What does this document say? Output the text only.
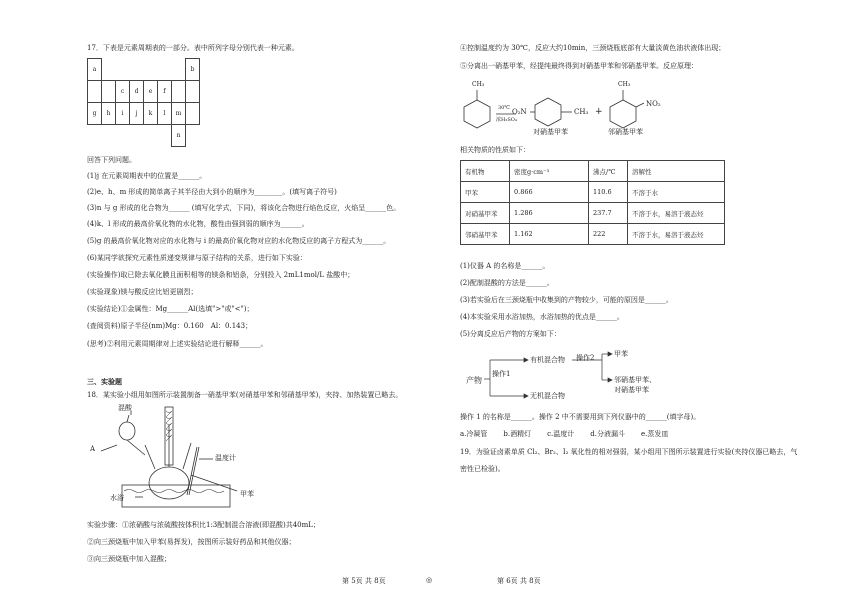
17．下表是元素周期表的一部分。表中所列字母分别代表一种元素。
a							b
		c	d	e	f		
g	h	i	j	k	l	m	
						n	
回答下列问题。
(1)j 在元素周期表中的位置是______。
(2)e、h、m 形成的简单离子其半径由大到小的顺序为________。(填写离子符号)
(3)n 与 g 形成的化合物为______ (填写化学式，下同)，将该化合物进行焰色反应，火焰呈______色。
(4)k、l 形成的最高价氧化物的水化物，酸性由强到弱的顺序为______。
(5)g 的最高价氧化物对应的水化物与 i 的最高价氧化物对应的水化物反应的离子方程式为______。
(6)某同学欲探究元素性质递变规律与原子结构的关系，进行如下实验：
(实验操作)取已除去氧化膜且面积相等的镁条和铝条，分别投入 2mL1mol/L 盐酸中；
(实验现象)镁与酸反应比铝更剧烈；
(实验结论)①金属性：Mg______Al(选填">"或"<")；
(查阅资料)原子半径(nm)Mg：0.160　Al：0.143；
(思考)②利用元素周期律对上述实验结论进行解释______。
三、实验题
18．某实验小组用如图所示装置制备一硝基甲苯(对硝基甲苯和邻硝基甲苯)，夹持、加热装置已略去。
混酸
A
温度计
甲苯
水浴
实验步骤：①浓硝酸与浓硫酸按体积比1:3配制混合溶液(即混酸)共40mL；
②向三颈烧瓶中加入甲苯(易挥发)，按图所示装好药品和其他仪器；
③向三颈烧瓶中加入混酸；
④控制温度约为 30℃，反应大约10min，三颈烧瓶底部有大量淡黄色油状液体出现；
⑤分离出一硝基甲苯，经提纯最终得到对硝基甲苯和邻硝基甲苯。反应原理：
CH₃
30℃
浓H₂SO₄
O₂N	CH₃ +
CH₃
NO₂
对硝基甲苯	邻硝基甲苯
相关物质的性质如下：
有机物	密度g·cm⁻³	沸点/℃	溶解性
甲苯	0.866	110.6	不溶于水
对硝基甲苯	1.286	237.7	不溶于水，易溶于液态烃
邻硝基甲苯	1.162	222	不溶于水，易溶于液态烃
(1)仪器 A 的名称是______。
(2)配制混酸的方法是______。
(3)若实验后在三颈烧瓶中收集到的产物较少，可能的原因是______。
(4)本实验采用水浴加热，水浴加热的优点是______。
(5)分离反应后产物的方案如下：
产物
操作1
有机混合物
无机混合物
操作2	甲苯
邻硝基甲苯、
对硝基甲苯
操作 1 的名称是______。操作 2 中不需要用到下列仪器中的______(填字母)。
a.冷凝管 b.酒精灯 c.温度计 d.分液漏斗 e.蒸发皿
19．为验证卤素单质 Cl₂、Br₂、I₂ 氧化性的相对强弱，某小组用下图所示装置进行实验(夹持仪器已略去，气
密性已检验)。
第 5页 共 8页	◎	第 6页 共 8页
